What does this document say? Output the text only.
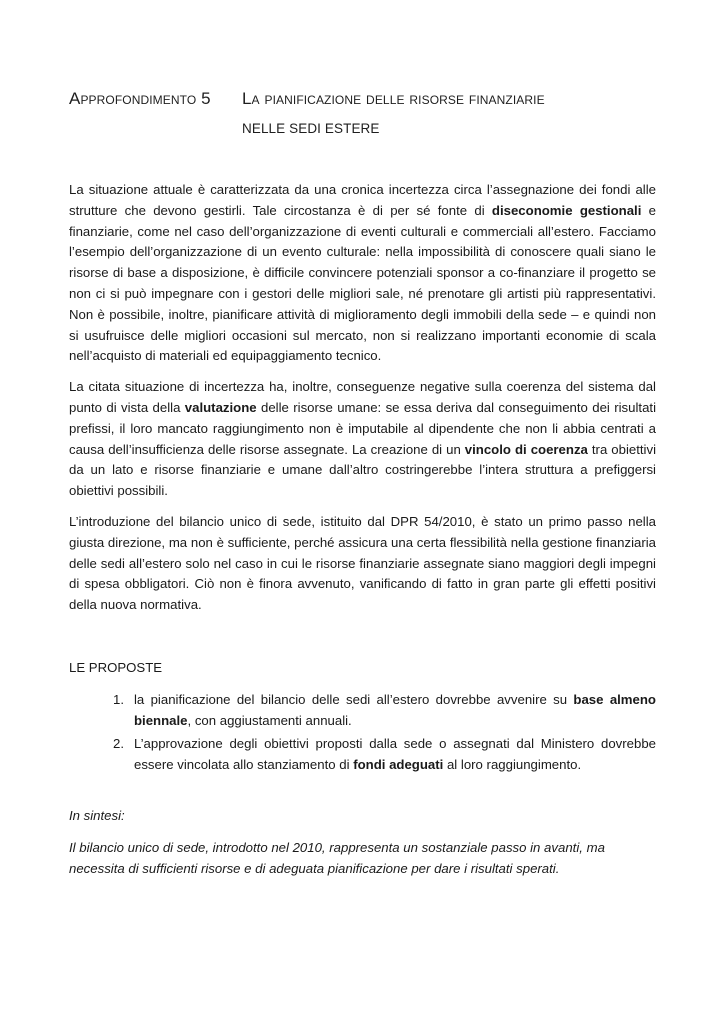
Approfondimento 5 La pianificazione delle risorse finanziarie
NELLE SEDI ESTERE

La situazione attuale è caratterizzata da una cronica incertezza circa l’assegnazione dei fondi alle strutture che devono gestirli. Tale circostanza è di per sé fonte di diseconomie gestionali e finanziarie, come nel caso dell’organizzazione di eventi culturali e commerciali all’estero. Facciamo l’esempio dell’organizzazione di un evento culturale: nella impossibilità di conoscere quali siano le risorse di base a disposizione, è difficile convincere potenziali sponsor a co-finanziare il progetto se non ci si può impegnare con i gestori delle migliori sale, né prenotare gli artisti più rappresentativi. Non è possibile, inoltre, pianificare attività di miglioramento degli immobili della sede – e quindi non si usufruisce delle migliori occasioni sul mercato, non si realizzano importanti economie di scala nell’acquisto di materiali ed equipaggiamento tecnico.

La citata situazione di incertezza ha, inoltre, conseguenze negative sulla coerenza del sistema dal punto di vista della valutazione delle risorse umane: se essa deriva dal conseguimento dei risultati prefissi, il loro mancato raggiungimento non è imputabile al dipendente che non li abbia centrati a causa dell’insufficienza delle risorse assegnate. La creazione di un vincolo di coerenza tra obiettivi da un lato e risorse finanziarie e umane dall’altro costringerebbe l’intera struttura a prefiggersi obiettivi possibili.

L’introduzione del bilancio unico di sede, istituito dal DPR 54/2010, è stato un primo passo nella giusta direzione, ma non è sufficiente, perché assicura una certa flessibilità nella gestione finanziaria delle sedi all’estero solo nel caso in cui le risorse finanziarie assegnate siano maggiori degli impegni di spesa obbligatori. Ciò non è finora avvenuto, vanificando di fatto in gran parte gli effetti positivi della nuova normativa.

LE PROPOSTE
1. la pianificazione del bilancio delle sedi all’estero dovrebbe avvenire su base almeno biennale, con aggiustamenti annuali.
2. L’approvazione degli obiettivi proposti dalla sede o assegnati dal Ministero dovrebbe essere vincolata allo stanziamento di fondi adeguati al loro raggiungimento.
In sintesi:
Il bilancio unico di sede, introdotto nel 2010, rappresenta un sostanziale passo in avanti, ma necessita di sufficienti risorse e di adeguata pianificazione per dare i risultati sperati.
